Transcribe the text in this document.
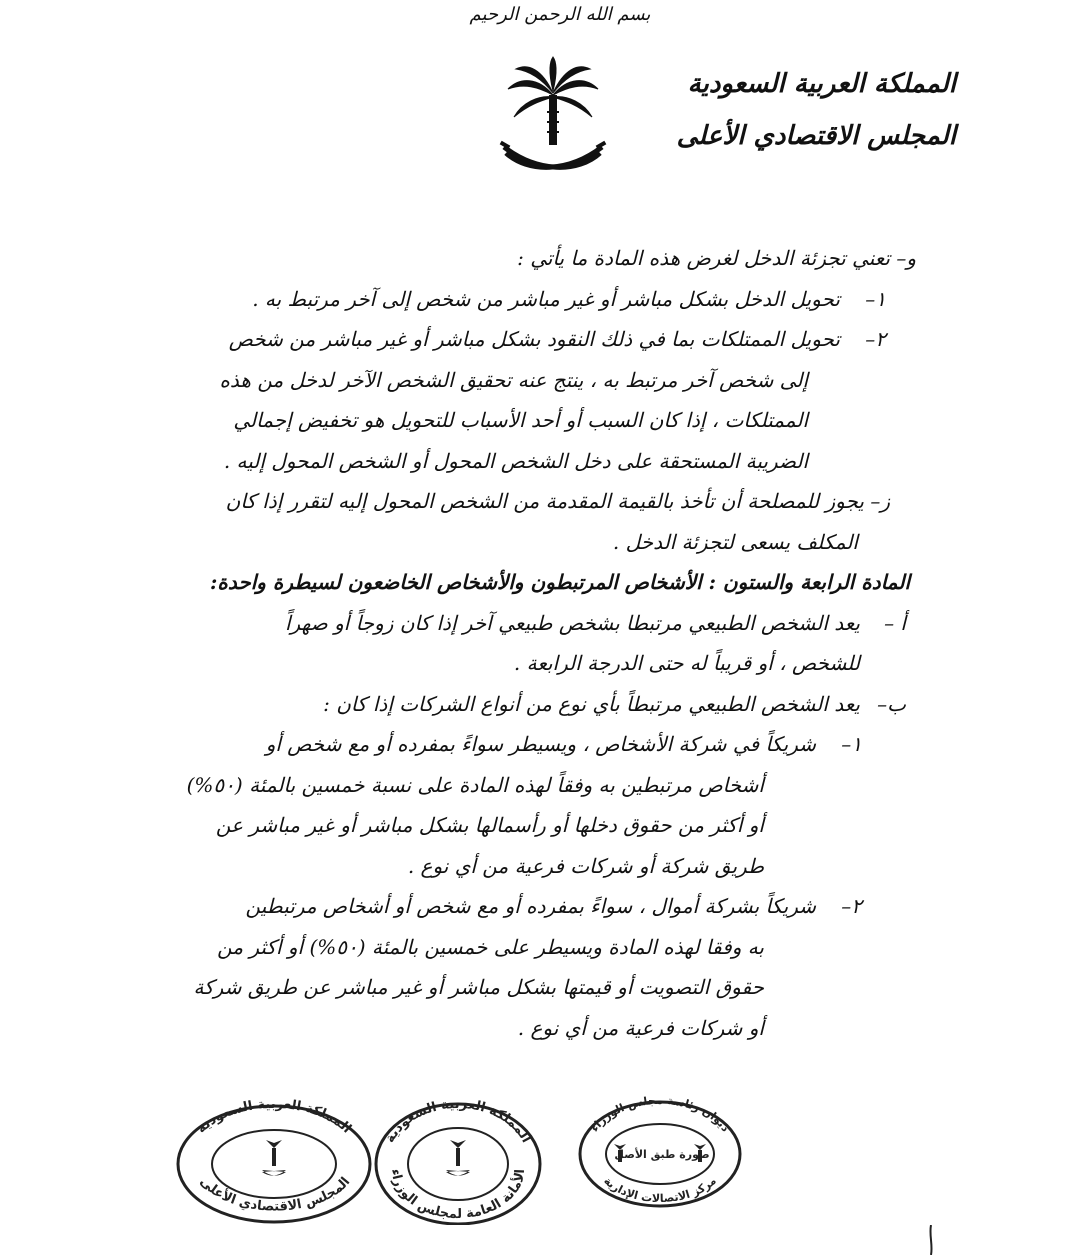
بسم الله الرحمن الرحيم
المملكة العربية السعودية
المجلس الاقتصادي الأعلى
و– تعني تجزئة الدخل لغرض هذه المادة ما يأتي :
١–
تحويل الدخل بشكل مباشر أو غير مباشر من شخص إلى آخر مرتبط به .
٢–
تحويل الممتلكات بما في ذلك النقود بشكل مباشر أو غير مباشر من شخص
إلى شخص آخر مرتبط به ، ينتج عنه تحقيق الشخص الآخر لدخل من هذه
الممتلكات ، إذا كان السبب أو أحد الأسباب للتحويل هو تخفيض إجمالي
الضريبة المستحقة على دخل الشخص المحول أو الشخص المحول إليه .
ز– يجوز للمصلحة أن تأخذ بالقيمة المقدمة من الشخص المحول إليه لتقرر إذا كان
المكلف يسعى لتجزئة الدخل .
المادة الرابعة والستون : الأشخاص المرتبطون والأشخاص الخاضعون لسيطرة واحدة:
أ –
يعد الشخص الطبيعي مرتبطا بشخص طبيعي آخر إذا كان زوجاً أو صهراً
للشخص ، أو قريباً له حتى الدرجة الرابعة .
ب–
يعد الشخص الطبيعي مرتبطاً بأي نوع من أنواع الشركات إذا كان :
١–
شريكاً في شركة الأشخاص ، ويسيطر سواءً بمفرده أو مع شخص أو
أشخاص مرتبطين به وفقاً لهذه المادة على نسبة خمسين بالمئة (٥٠%)
أو أكثر من حقوق دخلها أو رأسمالها بشكل مباشر أو غير مباشر عن
طريق شركة أو شركات فرعية من أي نوع .
٢–
شريكاً بشركة أموال ، سواءً بمفرده أو مع شخص أو أشخاص مرتبطين
به وفقا لهذه المادة ويسيطر على خمسين بالمئة (٥٠%) أو أكثر من
حقوق التصويت أو قيمتها بشكل مباشر أو غير مباشر عن طريق شركة
أو شركات فرعية من أي نوع .
المملكة العربية السعودية
المجلس الاقتصادي الأعلى
المملكة العربية السعودية
الأمانة العامة لمجلس الوزراء
ديوان رئاسة مجلس الوزراء
مركز الاتصالات الإدارية
صورة طبق الأصل
